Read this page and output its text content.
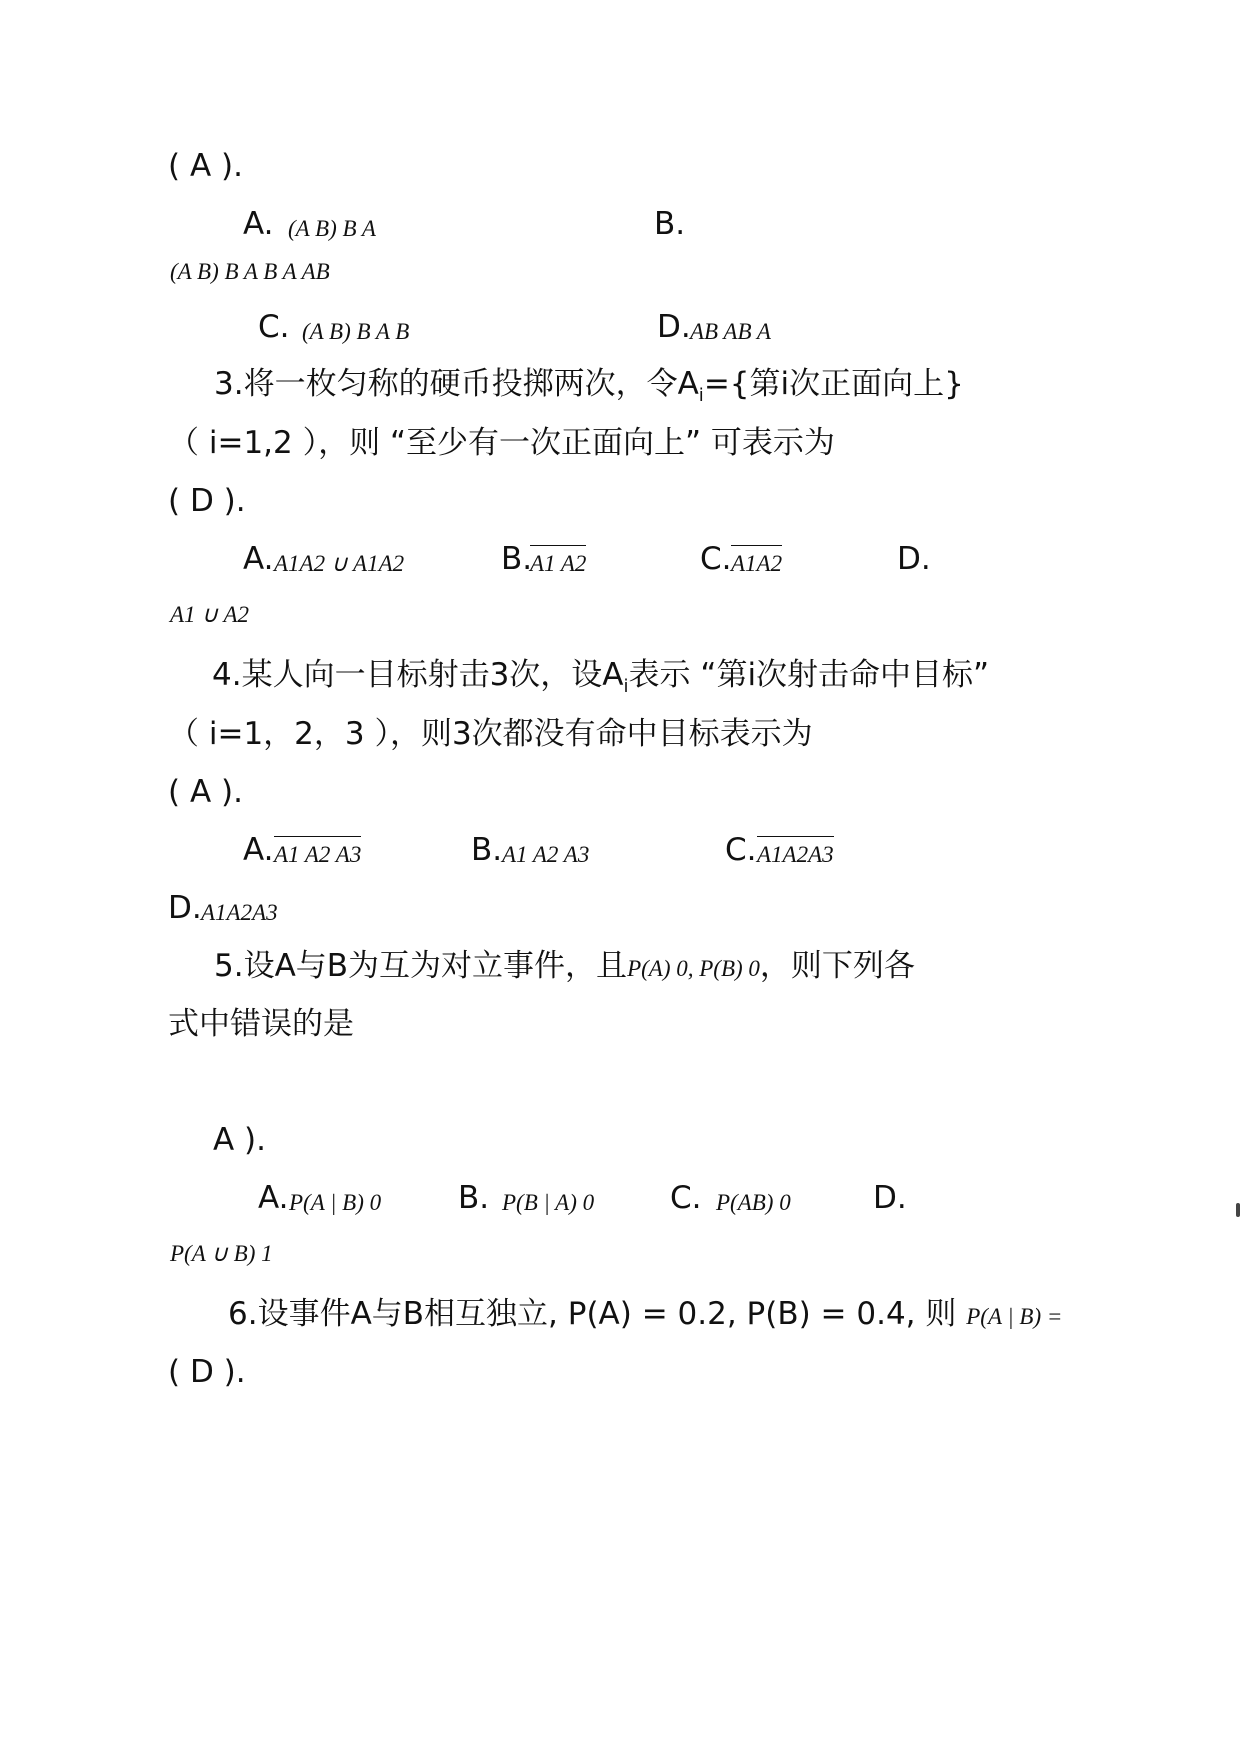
( A ).
A. (A B) B A	B.
(A B) B A B A AB
C. (A B) B A B	D. AB AB A
3.将一枚匀称的硬币投掷两次，令$A_i=${第i次正面向上}
（ i=1,2 ），则 “至少有一次正面向上” 可表示为
( D ).
A. A1A2 ∪ A1A2	B.
A1 A2	C. A1A2	D.
A1 ∪ A2
4.某人向一目标射击3次，设$A_i$表示 “第i次射击命中目标”
（ i=1，2，3 ），则3次都没有命中目标表示为
( A ).
A. A1 A2 A3	B. A1 A2 A3	C. A1A2A3
D. A1A2A3
5.设A与B为互为对立事件，且P(A) 0, P(B) 0，则下列各
式中错误的是
A ).
A. P(A | B) 0 B. P(B | A) 0 C. P(AB) 0	D.
P(A ∪ B) 1
6.设事件A与B相互独立, P(A) = 0.2, P(B) = 0.4, 则 P(A | B) =
( D ).
